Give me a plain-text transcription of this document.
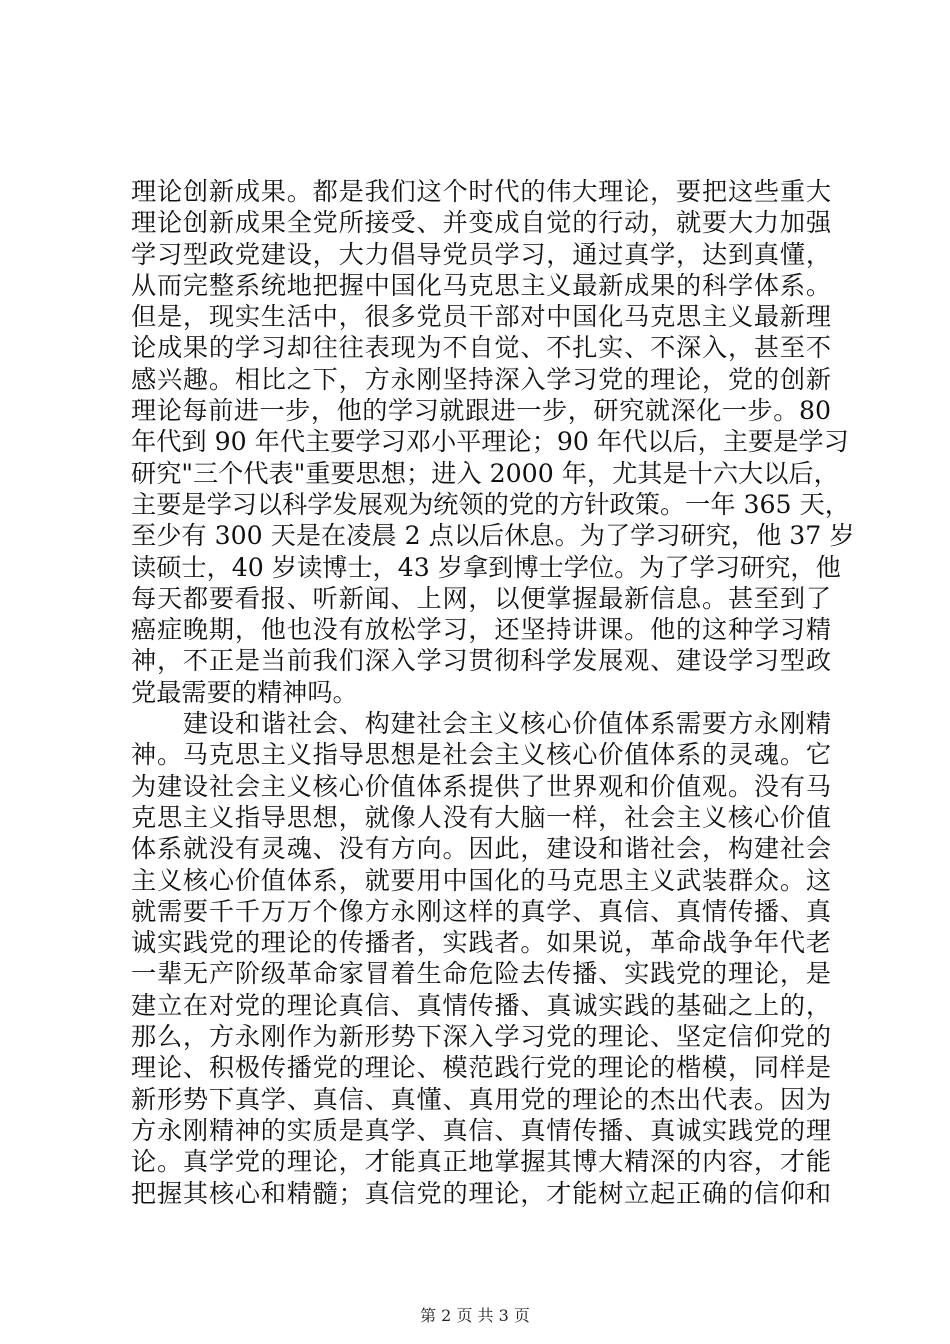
理论创新成果。都是我们这个时代的伟大理论，要把这些重大
理论创新成果全党所接受、并变成自觉的行动，就要大力加强
学习型政党建设，大力倡导党员学习，通过真学，达到真懂，
从而完整系统地把握中国化马克思主义最新成果的科学体系。
但是，现实生活中，很多党员干部对中国化马克思主义最新理
论成果的学习却往往表现为不自觉、不扎实、不深入，甚至不
感兴趣。相比之下，方永刚坚持深入学习党的理论，党的创新
理论每前进一步，他的学习就跟进一步，研究就深化一步。80
年代到 90 年代主要学习邓小平理论；90 年代以后，主要是学习
研究"三个代表"重要思想；进入 2000 年，尤其是十六大以后，
主要是学习以科学发展观为统领的党的方针政策。一年 365 天，
至少有 300 天是在凌晨 2 点以后休息。为了学习研究，他 37 岁
读硕士，40 岁读博士，43 岁拿到博士学位。为了学习研究，他
每天都要看报、听新闻、上网，以便掌握最新信息。甚至到了
癌症晚期，他也没有放松学习，还坚持讲课。他的这种学习精
神，不正是当前我们深入学习贯彻科学发展观、建设学习型政
党最需要的精神吗。
　　建设和谐社会、构建社会主义核心价值体系需要方永刚精
神。马克思主义指导思想是社会主义核心价值体系的灵魂。它
为建设社会主义核心价值体系提供了世界观和价值观。没有马
克思主义指导思想，就像人没有大脑一样，社会主义核心价值
体系就没有灵魂、没有方向。因此，建设和谐社会，构建社会
主义核心价值体系，就要用中国化的马克思主义武装群众。这
就需要千千万万个像方永刚这样的真学、真信、真情传播、真
诚实践党的理论的传播者，实践者。如果说，革命战争年代老
一辈无产阶级革命家冒着生命危险去传播、实践党的理论，是
建立在对党的理论真信、真情传播、真诚实践的基础之上的，
那么，方永刚作为新形势下深入学习党的理论、坚定信仰党的
理论、积极传播党的理论、模范践行党的理论的楷模，同样是
新形势下真学、真信、真懂、真用党的理论的杰出代表。因为
方永刚精神的实质是真学、真信、真情传播、真诚实践党的理
论。真学党的理论，才能真正地掌握其博大精深的内容，才能
把握其核心和精髓；真信党的理论，才能树立起正确的信仰和
第 2 页 共 3 页
